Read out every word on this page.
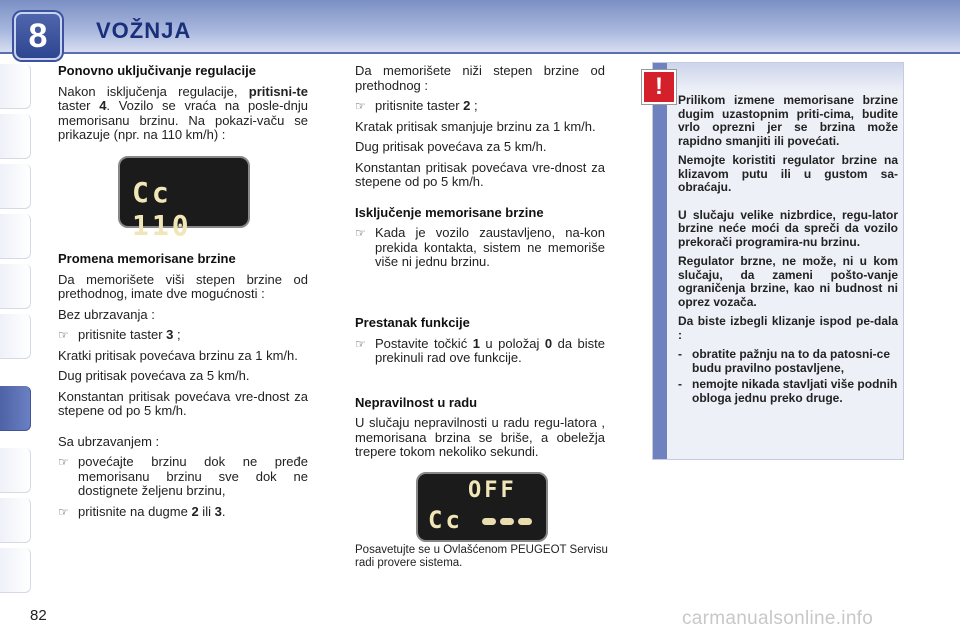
8 VOŽNJA
Ponovno uključivanje regulacije

Nakon isključenja regulacije, pritisni-te taster 4. Vozilo se vraća na posle-dnju memorisanu brzinu. Na pokazi-vaču se prikazuje (npr. na 110 km/h) :

Cc 110
Promena memorisane brzine

Da memorišete viši stepen brzine od prethodnog, imate dve mogućnosti :

Bez ubrzavanja :

☞ pritisnite taster 3 ;

Kratki pritisak povećava brzinu za 1 km/h.

Dug pritisak povećava za 5 km/h.

Konstantan pritisak povećava vre-dnost za stepene od po 5 km/h.

Sa ubrzavanjem :

☞ povećajte brzinu dok ne pređe memorisanu brzinu sve dok ne dostignete željenu brzinu,
☞ pritisnite na dugme 2 ili 3.

Da memorišete niži stepen brzine od prethodnog :

☞ pritisnite taster 2 ;

Kratak pritisak smanjuje brzinu za 1 km/h.

Dug pritisak povećava za 5 km/h.

Konstantan pritisak povećava vre-dnost za stepene od po 5 km/h.

Isključenje memorisane brzine
☞ Kada je vozilo zaustavljeno, na-kon prekida kontakta, sistem ne memoriše više ni jednu brzinu.
Prestanak funkcije
☞ Postavite točkić 1 u položaj 0 da biste prekinuli rad ove funkcije.
Nepravilnost u radu

U slučaju nepravilnosti u radu regu-latora , memorisana brzina se briše, a obeležja trepere tokom nekoliko sekundi.

OFF
Cc
Posavetujte se u Ovlašćenom PEUGEOT Servisu radi provere sistema.
!	Prilikom izmene memorisane brzine dugim uzastopnim priti-cima, budite vrlo oprezni jer se brzina može rapidno smanjiti ili povećati.

Nemojte koristiti regulator brzine na klizavom putu ili u gustom sa-obraćaju.

U slučaju velike nizbrdice, regu-lator brzine neće moći da spreči da vozilo prekorači programira-nu brzinu.

Regulator brzne, ne može, ni u kom slučaju, da zameni pošto-vanje ograničenja brzine, kao ni budnost ni oprez vozača.

Da biste izbegli klizanje ispod pe-dala :

- obratite pažnju na to da patosni-ce budu pravilno postavljene,
- nemojte nikada stavljati više podnih obloga jednu preko druge.
82	carmanualsonline.info
